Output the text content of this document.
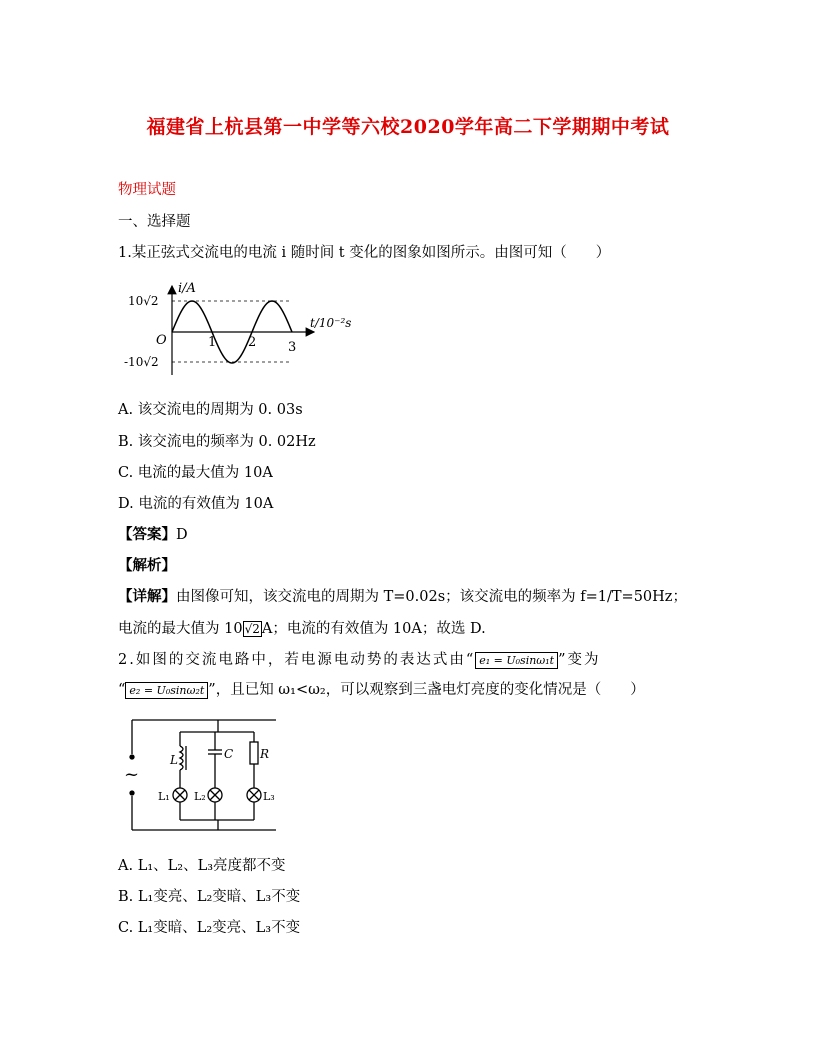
福建省上杭县第一中学等六校2020学年高二下学期期中考试
物理试题
一、选择题
1.某正弦式交流电的电流 i 随时间 t 变化的图象如图所示。由图可知（　　）
i/A
t/10⁻²s
O
10√2
-10√2
1 2 3
A. 该交流电的周期为 0. 03s
B. 该交流电的频率为 0. 02Hz
C. 电流的最大值为 10A
D. 电流的有效值为 10A
【答案】D
【解析】
【详解】由图像可知，该交流电的周期为 T=0.02s；该交流电的频率为 f=1/T=50Hz；
电流的最大值为 10 √2 A；电流的有效值为 10A；故选 D.
2.如图的交流电路中，若电源电动势的表达式由“ e₁ = U₀sinω₁t ”变为
“ e₂ = U₀sinω₂t ”，且已知 ω₁<ω₂，可以观察到三盏电灯亮度的变化情况是（　　）
~
L	C R
L₁ L₂	L₃
A. L₁、L₂、L₃亮度都不变
B. L₁变亮、L₂变暗、L₃不变
C. L₁变暗、L₂变亮、L₃不变
